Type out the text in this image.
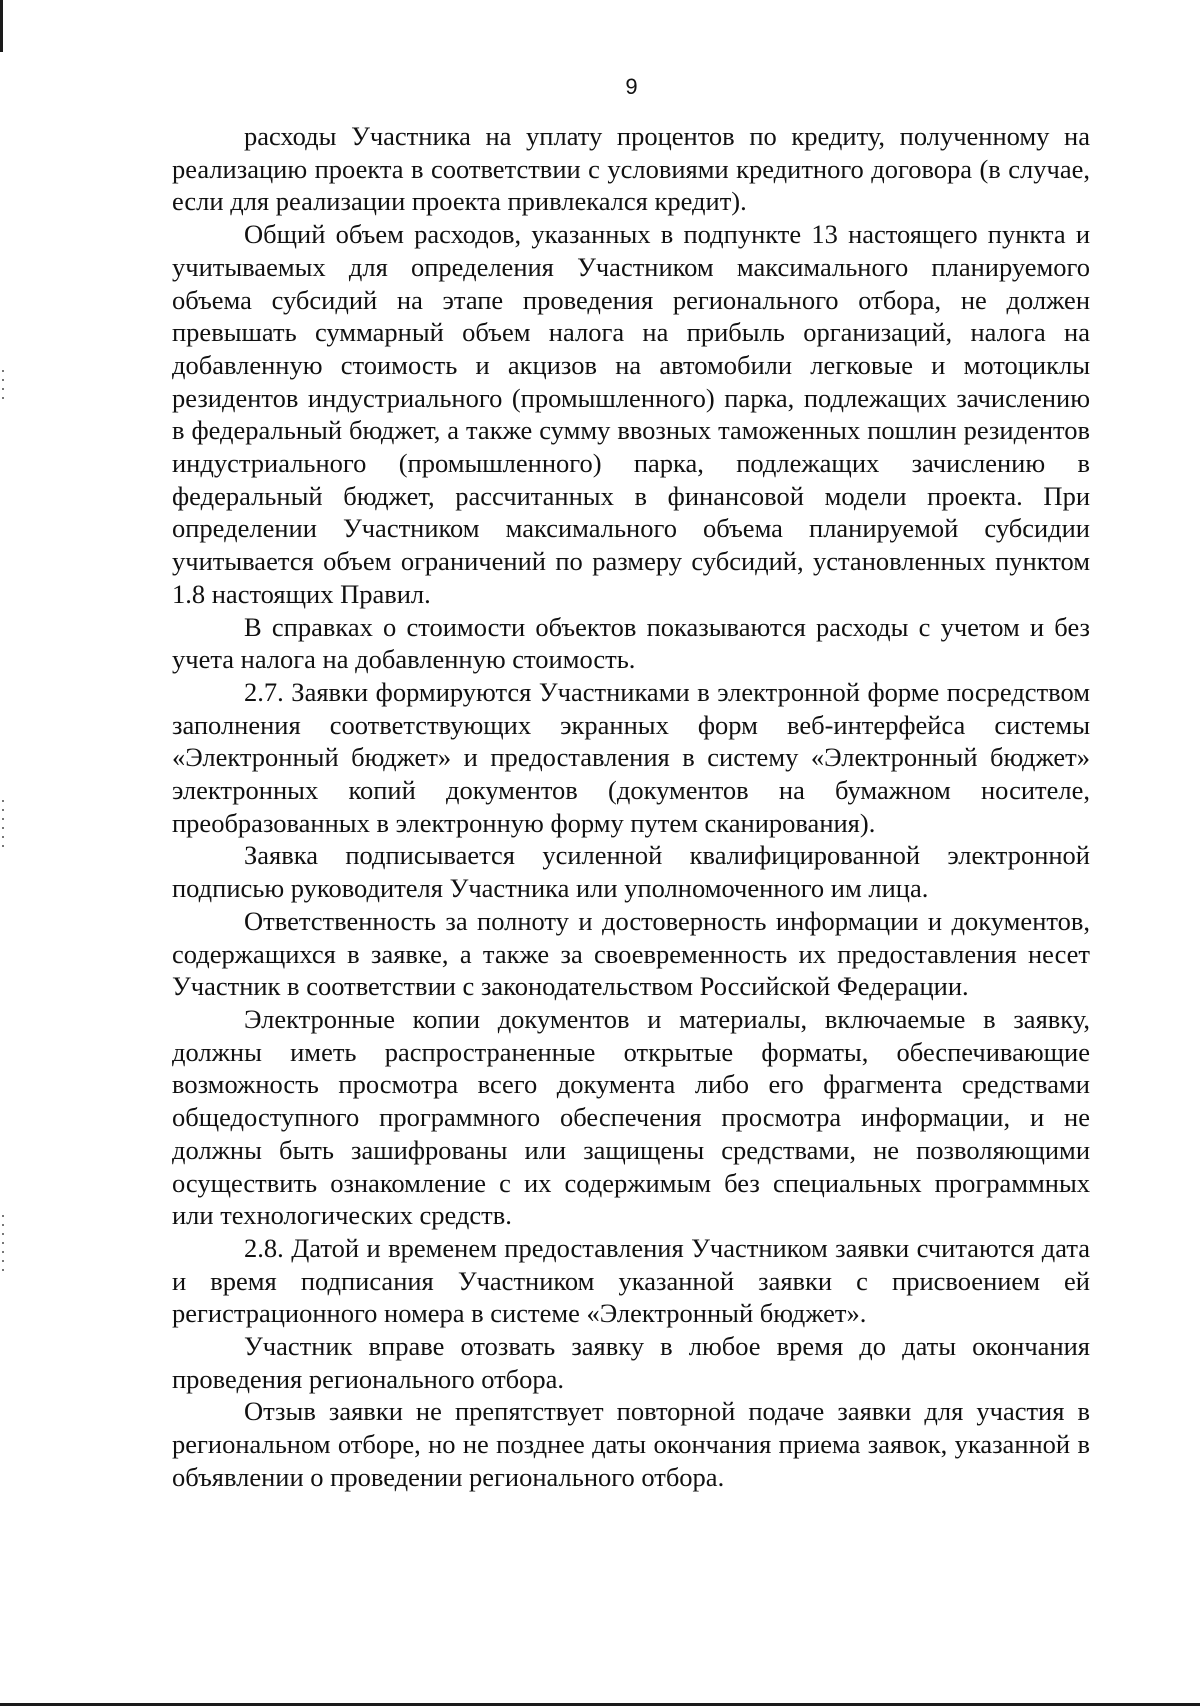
9

расходы Участника на уплату процентов по кредиту, полученному на реализацию проекта в соответствии с условиями кредитного договора (в случае, если для реализации проекта привлекался кредит).

Общий объем расходов, указанных в подпункте 13 настоящего пункта и учитываемых для определения Участником максимального планируемого объема субсидий на этапе проведения регионального отбора, не должен превышать суммарный объем налога на прибыль организаций, налога на добавленную стоимость и акцизов на автомобили легковые и мотоциклы резидентов индустриального (промышленного) парка, подлежащих зачислению в федеральный бюджет, а также сумму ввозных таможенных пошлин резидентов индустриального (промышленного) парка, подлежащих зачислению в федеральный бюджет, рассчитанных в финансовой модели проекта. При определении Участником максимального объема планируемой субсидии учитывается объем ограничений по размеру субсидий, установленных пунктом 1.8 настоящих Правил.

В справках о стоимости объектов показываются расходы с учетом и без учета налога на добавленную стоимость.

2.7. Заявки формируются Участниками в электронной форме посредством заполнения соответствующих экранных форм веб-интерфейса системы «Электронный бюджет» и предоставления в систему «Электронный бюджет» электронных копий документов (документов на бумажном носителе, преобразованных в электронную форму путем сканирования).

Заявка подписывается усиленной квалифицированной электронной подписью руководителя Участника или уполномоченного им лица.

Ответственность за полноту и достоверность информации и документов, содержащихся в заявке, а также за своевременность их предоставления несет Участник в соответствии с законодательством Российской Федерации.

Электронные копии документов и материалы, включаемые в заявку, должны иметь распространенные открытые форматы, обеспечивающие возможность просмотра всего документа либо его фрагмента средствами общедоступного программного обеспечения просмотра информации, и не должны быть зашифрованы или защищены средствами, не позволяющими осуществить ознакомление с их содержимым без специальных программных или технологических средств.

2.8. Датой и временем предоставления Участником заявки считаются дата и время подписания Участником указанной заявки с присвоением ей регистрационного номера в системе «Электронный бюджет».

Участник вправе отозвать заявку в любое время до даты окончания проведения регионального отбора.

Отзыв заявки не препятствует повторной подаче заявки для участия в региональном отборе, но не позднее даты окончания приема заявок, указанной в объявлении о проведении регионального отбора.
